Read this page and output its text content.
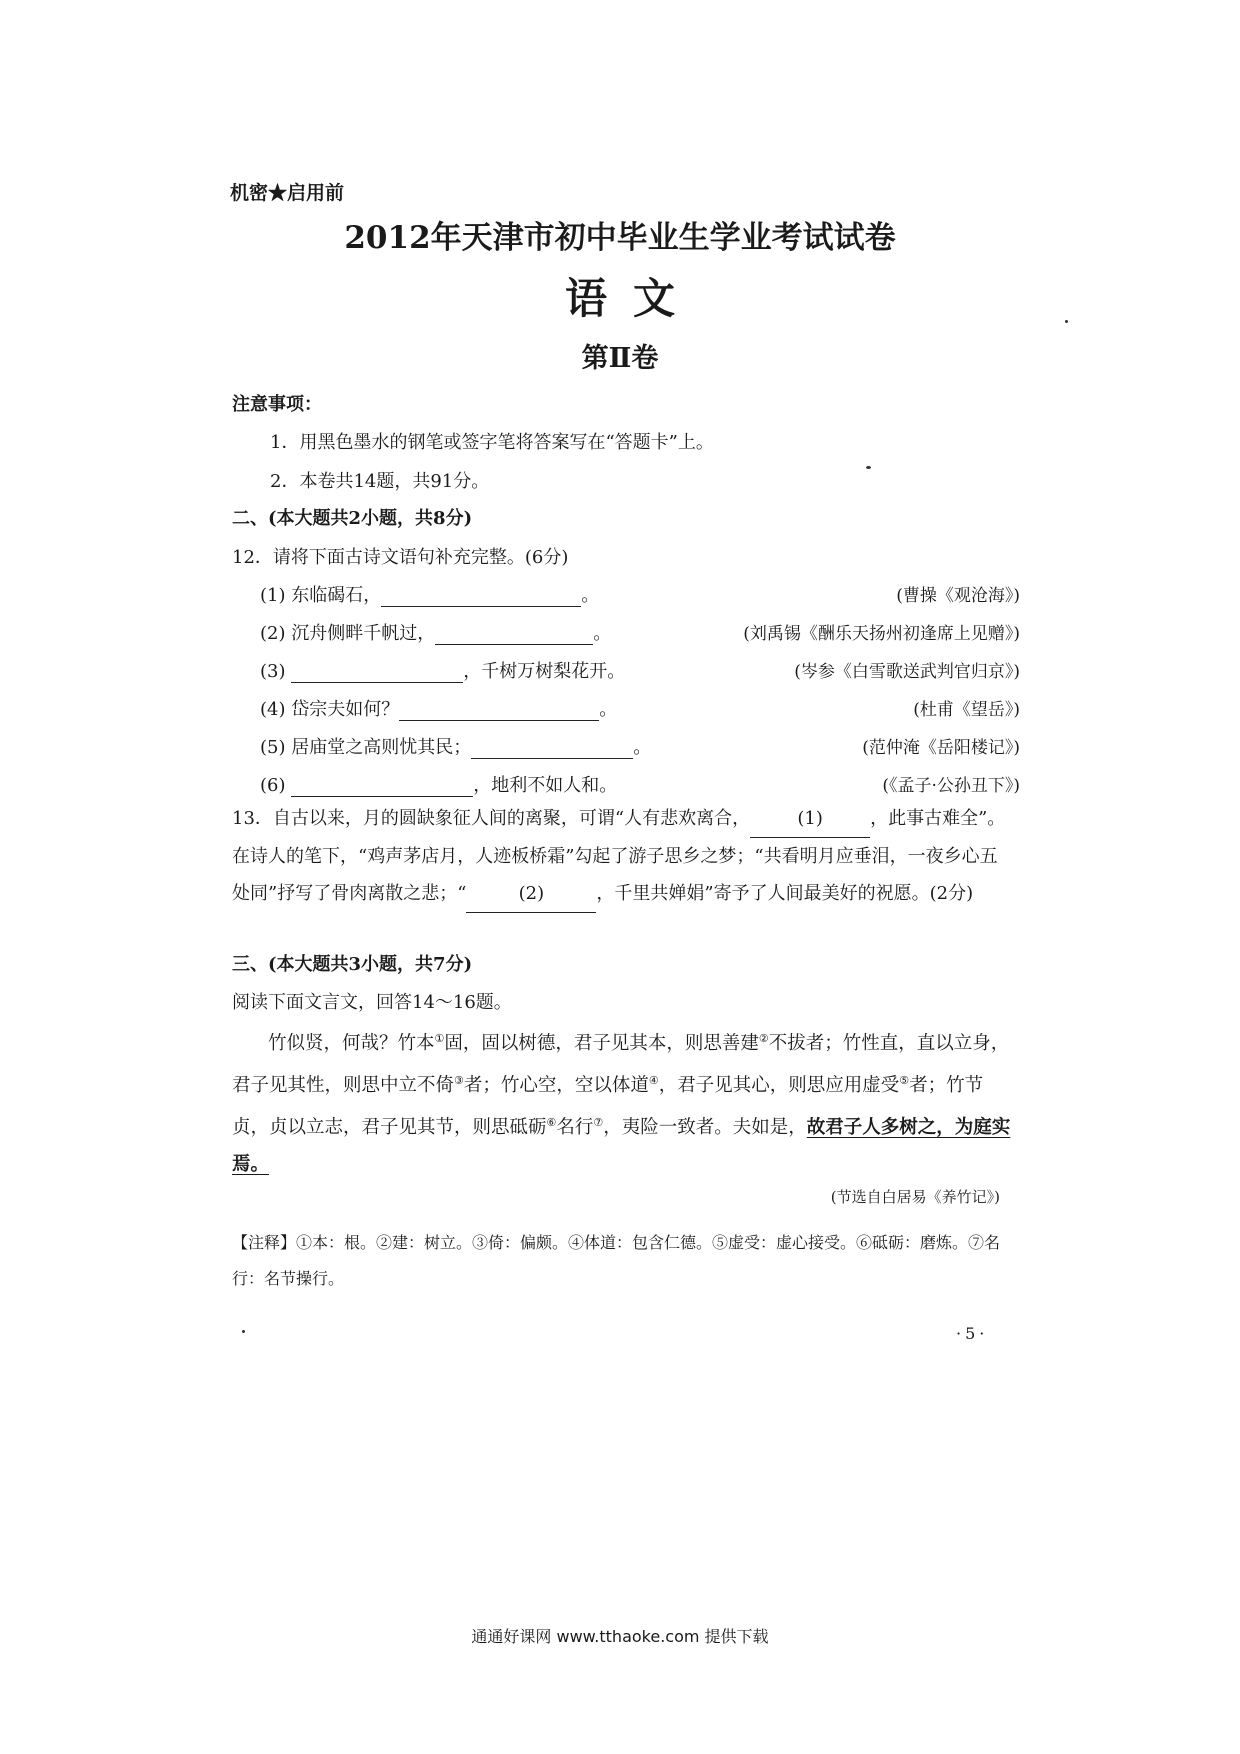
机密★启用前
2012年天津市初中毕业生学业考试试卷
语文
第Ⅱ卷
注意事项：
1．用黑色墨水的钢笔或签字笔将答案写在“答题卡”上。
2．本卷共14题，共91分。
二、(本大题共2小题，共8分)
12．请将下面古诗文语句补充完整。(6分)
(1) 东临碣石，	。	(曹操《观沧海》)
(2) 沉舟侧畔千帆过，	。	(刘禹锡《酬乐天扬州初逢席上见赠》)
(3)	，千树万树梨花开。	(岑参《白雪歌送武判官归京》)
(4) 岱宗夫如何？	。	(杜甫《望岳》)
(5) 居庙堂之高则忧其民；	。	(范仲淹《岳阳楼记》)
(6)	，地利不如人和。	(《孟子·公孙丑下》)
13．自古以来，月的圆缺象征人间的离聚，可谓“人有悲欢离合，	(1)	，此事古难全”。在诗人的笔下，“鸡声茅店月，人迹板桥霜”勾起了游子思乡之梦；“共看明月应垂泪，一夜乡心五处同”抒写了骨肉离散之悲；“	(2)	，千里共婵娟”寄予了人间最美好的祝愿。(2分)
三、(本大题共3小题，共7分)
阅读下面文言文，回答14～16题。
竹似贤，何哉？竹本①固，固以树德，君子见其本，则思善建②不拔者；竹性直，直以立身，君子见其性，则思中立不倚③者；竹心空，空以体道④，君子见其心，则思应用虚受⑤者；竹节贞，贞以立志，君子见其节，则思砥砺⑥名行⑦，夷险一致者。夫如是，故君子人多树之，为庭实焉。
(节选自白居易《养竹记》)
【注释】①本：根。②建：树立。③倚：偏颇。④体道：包含仁德。⑤虚受：虚心接受。⑥砥砺：磨炼。⑦名行：名节操行。
·5·
通通好课网 www.tthaoke.com 提供下载
